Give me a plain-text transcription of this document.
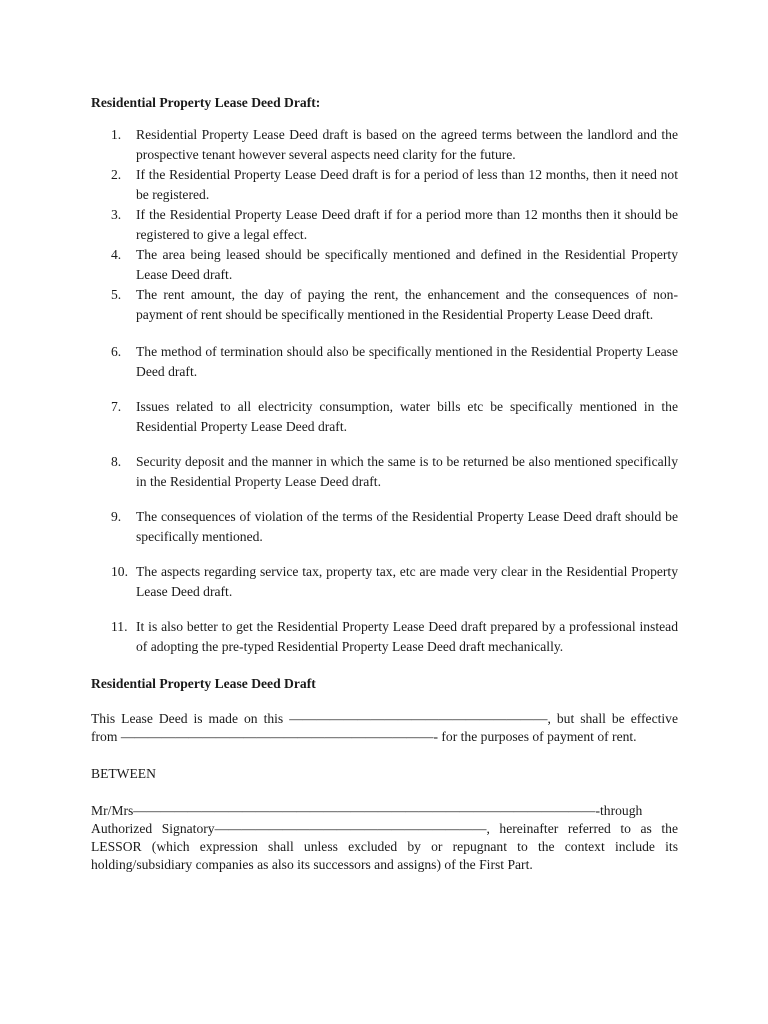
Residential Property Lease Deed Draft:

1. Residential Property Lease Deed draft is based on the agreed terms between the landlord and the prospective tenant however several aspects need clarity for the future.
2. If the Residential Property Lease Deed draft is for a period of less than 12 months, then it need not be registered.
3. If the Residential Property Lease Deed draft if for a period more than 12 months then it should be registered to give a legal effect.
4. The area being leased should be specifically mentioned and defined in the Residential Property Lease Deed draft.
5. The rent amount, the day of paying the rent, the enhancement and the consequences of non-payment of rent should be specifically mentioned in the Residential Property Lease Deed draft.
6. The method of termination should also be specifically mentioned in the Residential Property Lease Deed draft.
7. Issues related to all electricity consumption, water bills etc be specifically mentioned in the Residential Property Lease Deed draft.
8. Security deposit and the manner in which the same is to be returned be also mentioned specifically in the Residential Property Lease Deed draft.
9. The consequences of violation of the terms of the Residential Property Lease Deed draft should be specifically mentioned.
10. The aspects regarding service tax, property tax, etc are made very clear in the Residential Property Lease Deed draft.
11. It is also better to get the Residential Property Lease Deed draft prepared by a professional instead of adopting the pre-typed Residential Property Lease Deed draft mechanically.

Residential Property Lease Deed Draft

This Lease Deed is made on this ———————————————————, but shall be effective from ———————————————————————- for the purposes of payment of rent.

BETWEEN

Mr/Mrs——————————————————————————————————-through Authorized Signatory————————————————————, hereinafter referred to as the LESSOR (which expression shall unless excluded by or repugnant to the context include its holding/subsidiary companies as also its successors and assigns) of the First Part.
